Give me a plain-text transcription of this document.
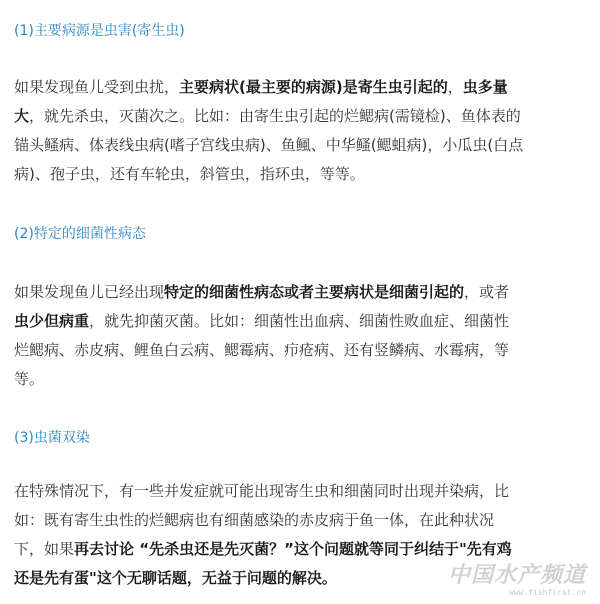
(1)主要病源是虫害(寄生虫)
如果发现鱼儿受到虫扰，主要病状(最主要的病源)是寄生虫引起的，虫多量
大，就先杀虫，灭菌次之。比如：由寄生虫引起的烂鳃病(需镜检)、鱼体表的
锚头鳋病、体表线虫病(嗜子宫线虫病)、鱼鲺、中华鳋(鳃蛆病)，小瓜虫(白点
病)、孢子虫，还有车轮虫，斜管虫，指环虫，等等。
(2)特定的细菌性病态
如果发现鱼儿已经出现特定的细菌性病态或者主要病状是细菌引起的，或者
虫少但病重，就先抑菌灭菌。比如：细菌性出血病、细菌性败血症、细菌性
烂鳃病、赤皮病、鲤鱼白云病、鳃霉病、疖疮病、还有竖鳞病、水霉病，等
等。
(3)虫菌双染
在特殊情况下，有一些并发症就可能出现寄生虫和细菌同时出现并染病，比
如：既有寄生虫性的烂鳃病也有细菌感染的赤皮病于鱼一体，在此种状况
下，如果再去讨论 “先杀虫还是先灭菌？”这个问题就等同于纠结于"先有鸡
还是先有蛋"这个无聊话题，无益于问题的解决。	中国水产频道
www.fishfirst.cn
